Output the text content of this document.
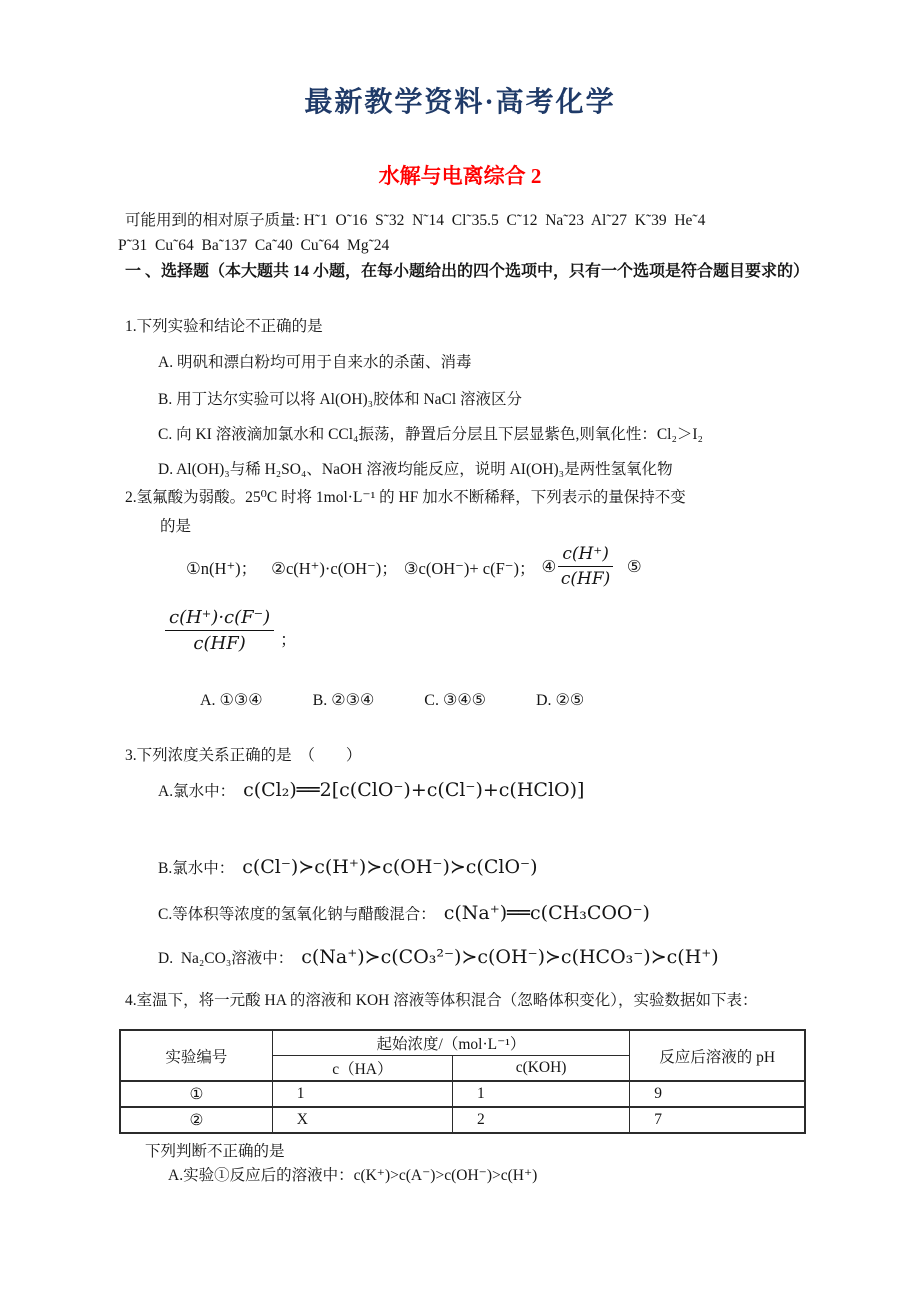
最新教学资料·高考化学
水解与电离综合 2
可能用到的相对原子质量: H˜1  O˜16  S˜32  N˜14  Cl˜35.5  C˜12  Na˜23  Al˜27  K˜39  He˜4
P˜31  Cu˜64  Ba˜137  Ca˜40  Cu˜64  Mg˜24
一 、选择题（本大题共 14 小题，在每小题给出的四个选项中，只有一个选项是符合题目要求的）
1.下列实验和结论不正确的是
A. 明矾和漂白粉均可用于自来水的杀菌、消毒
B. 用丁达尔实验可以将 Al(OH)₃胶体和 NaCl 溶液区分
C. 向 KI 溶液滴加氯水和 CCl₄振荡，静置后分层且下层显紫色,则氧化性：Cl₂＞I₂
D. Al(OH)₃与稀 H₂SO₄、NaOH 溶液均能反应，说明 AI(OH)₃是两性氢氧化物
2.氢氟酸为弱酸。25⁰C 时将 1mol·L⁻¹ 的 HF 加水不断稀释，下列表示的量保持不变
的是
①n(H⁺)； ②c(H⁺)·c(OH⁻)； ③c(OH⁻)+ c(F⁻)； ④ $\frac{c(H^+)}{c(HF)}$ ⑤
$\frac{c(H^+)\cdot c(F^-)}{c(HF)}$ ；
A. ①③④	B. ②③④	C. ③④⑤	D. ②⑤
3.下列浓度关系正确的是　（　　）
A.氯水中： c(Cl₂)══2[c(ClO⁻)+c(Cl⁻)+c(HClO)]
B.氯水中： c(Cl⁻)≻c(H⁺)≻c(OH⁻)≻c(ClO⁻)
C.等体积等浓度的氢氧化钠与醋酸混合： c(Na⁺)══c(CH₃COO⁻)
D.  Na₂CO₃溶液中： c(Na⁺)≻c(CO₃²⁻)≻c(OH⁻)≻c(HCO₃⁻)≻c(H⁺)
4.室温下，将一元酸 HA 的溶液和 KOH 溶液等体积混合（忽略体积变化），实验数据如下表：
实验编号	起始浓度/（mol·L⁻¹）		反应后溶液的 pH
	c（HA）	c(KOH)	
①	1	1	9
②	X	2	7
下列判断不正确的是
A.实验①反应后的溶液中：c(K⁺)>c(A⁻)>c(OH⁻)>c(H⁺)
